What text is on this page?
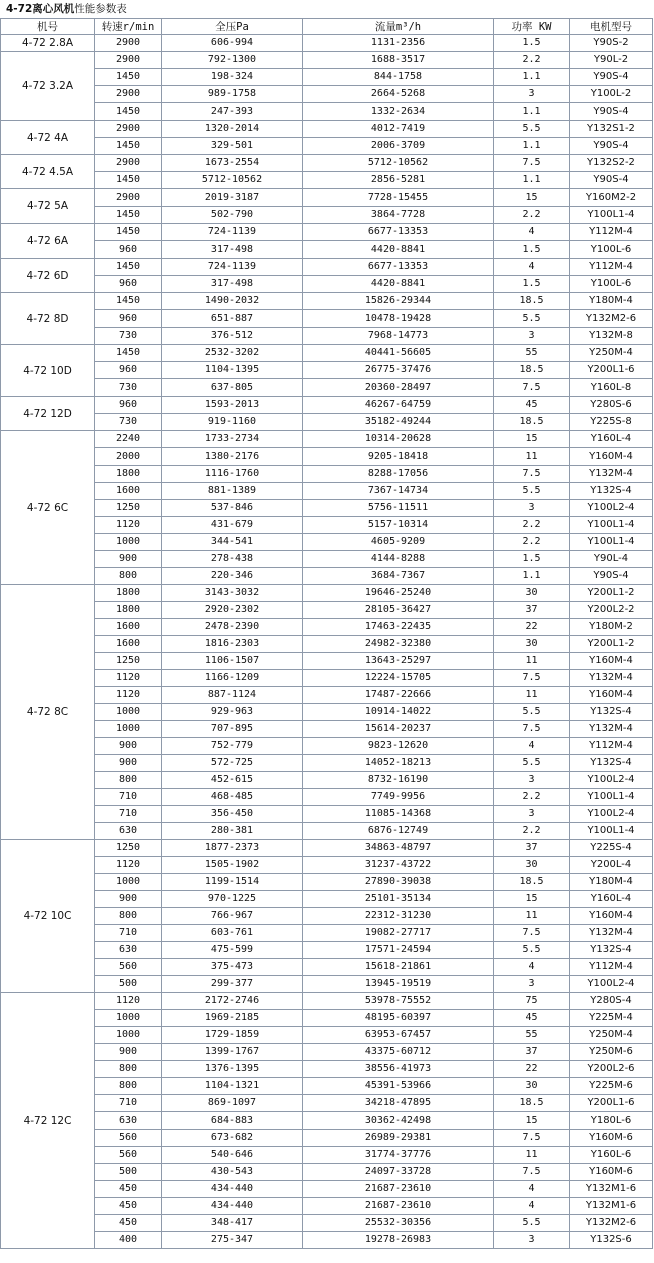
4-72离心风机性能参数表
机号	转速r/min	全压Pa	流量m³/h	功率 KW	电机型号
4-72 2.8A	2900	606-994	1131-2356	1.5	Y90S-2
4-72 3.2A	2900	792-1300	1688-3517	2.2	Y90L-2
	1450	198-324	844-1758	1.1	Y90S-4
	2900	989-1758	2664-5268	3	Y100L-2
	1450	247-393	1332-2634	1.1	Y90S-4
4-72 4A	2900	1320-2014	4012-7419	5.5	Y132S1-2
	1450	329-501	2006-3709	1.1	Y90S-4
4-72 4.5A	2900	1673-2554	5712-10562	7.5	Y132S2-2
	1450	5712-10562	2856-5281	1.1	Y90S-4
4-72 5A	2900	2019-3187	7728-15455	15	Y160M2-2
	1450	502-790	3864-7728	2.2	Y100L1-4
4-72 6A	1450	724-1139	6677-13353	4	Y112M-4
	960	317-498	4420-8841	1.5	Y100L-6
4-72 6D	1450	724-1139	6677-13353	4	Y112M-4
	960	317-498	4420-8841	1.5	Y100L-6
4-72 8D	1450	1490-2032	15826-29344	18.5	Y180M-4
	960	651-887	10478-19428	5.5	Y132M2-6
	730	376-512	7968-14773	3	Y132M-8
4-72 10D	1450	2532-3202	40441-56605	55	Y250M-4
	960	1104-1395	26775-37476	18.5	Y200L1-6
	730	637-805	20360-28497	7.5	Y160L-8
4-72 12D	960	1593-2013	46267-64759	45	Y280S-6
	730	919-1160	35182-49244	18.5	Y225S-8
4-72 6C	2240	1733-2734	10314-20628	15	Y160L-4
	2000	1380-2176	9205-18418	11	Y160M-4
	1800	1116-1760	8288-17056	7.5	Y132M-4
	1600	881-1389	7367-14734	5.5	Y132S-4
	1250	537-846	5756-11511	3	Y100L2-4
	1120	431-679	5157-10314	2.2	Y100L1-4
	1000	344-541	4605-9209	2.2	Y100L1-4
	900	278-438	4144-8288	1.5	Y90L-4
	800	220-346	3684-7367	1.1	Y90S-4
4-72 8C	1800	3143-3032	19646-25240	30	Y200L1-2
	1800	2920-2302	28105-36427	37	Y200L2-2
	1600	2478-2390	17463-22435	22	Y180M-2
	1600	1816-2303	24982-32380	30	Y200L1-2
	1250	1106-1507	13643-25297	11	Y160M-4
	1120	1166-1209	12224-15705	7.5	Y132M-4
	1120	887-1124	17487-22666	11	Y160M-4
	1000	929-963	10914-14022	5.5	Y132S-4
	1000	707-895	15614-20237	7.5	Y132M-4
	900	752-779	9823-12620	4	Y112M-4
	900	572-725	14052-18213	5.5	Y132S-4
	800	452-615	8732-16190	3	Y100L2-4
	710	468-485	7749-9956	2.2	Y100L1-4
	710	356-450	11085-14368	3	Y100L2-4
	630	280-381	6876-12749	2.2	Y100L1-4
4-72 10C	1250	1877-2373	34863-48797	37	Y225S-4
	1120	1505-1902	31237-43722	30	Y200L-4
	1000	1199-1514	27890-39038	18.5	Y180M-4
	900	970-1225	25101-35134	15	Y160L-4
	800	766-967	22312-31230	11	Y160M-4
	710	603-761	19082-27717	7.5	Y132M-4
	630	475-599	17571-24594	5.5	Y132S-4
	560	375-473	15618-21861	4	Y112M-4
	500	299-377	13945-19519	3	Y100L2-4
4-72 12C	1120	2172-2746	53978-75552	75	Y280S-4
	1000	1969-2185	48195-60397	45	Y225M-4
	1000	1729-1859	63953-67457	55	Y250M-4
	900	1399-1767	43375-60712	37	Y250M-6
	800	1376-1395	38556-41973	22	Y200L2-6
	800	1104-1321	45391-53966	30	Y225M-6
	710	869-1097	34218-47895	18.5	Y200L1-6
	630	684-883	30362-42498	15	Y180L-6
	560	673-682	26989-29381	7.5	Y160M-6
	560	540-646	31774-37776	11	Y160L-6
	500	430-543	24097-33728	7.5	Y160M-6
	450	434-440	21687-23610	4	Y132M1-6
	450	434-440	21687-23610	4	Y132M1-6
	450	348-417	25532-30356	5.5	Y132M2-6
	400	275-347	19278-26983	3	Y132S-6
